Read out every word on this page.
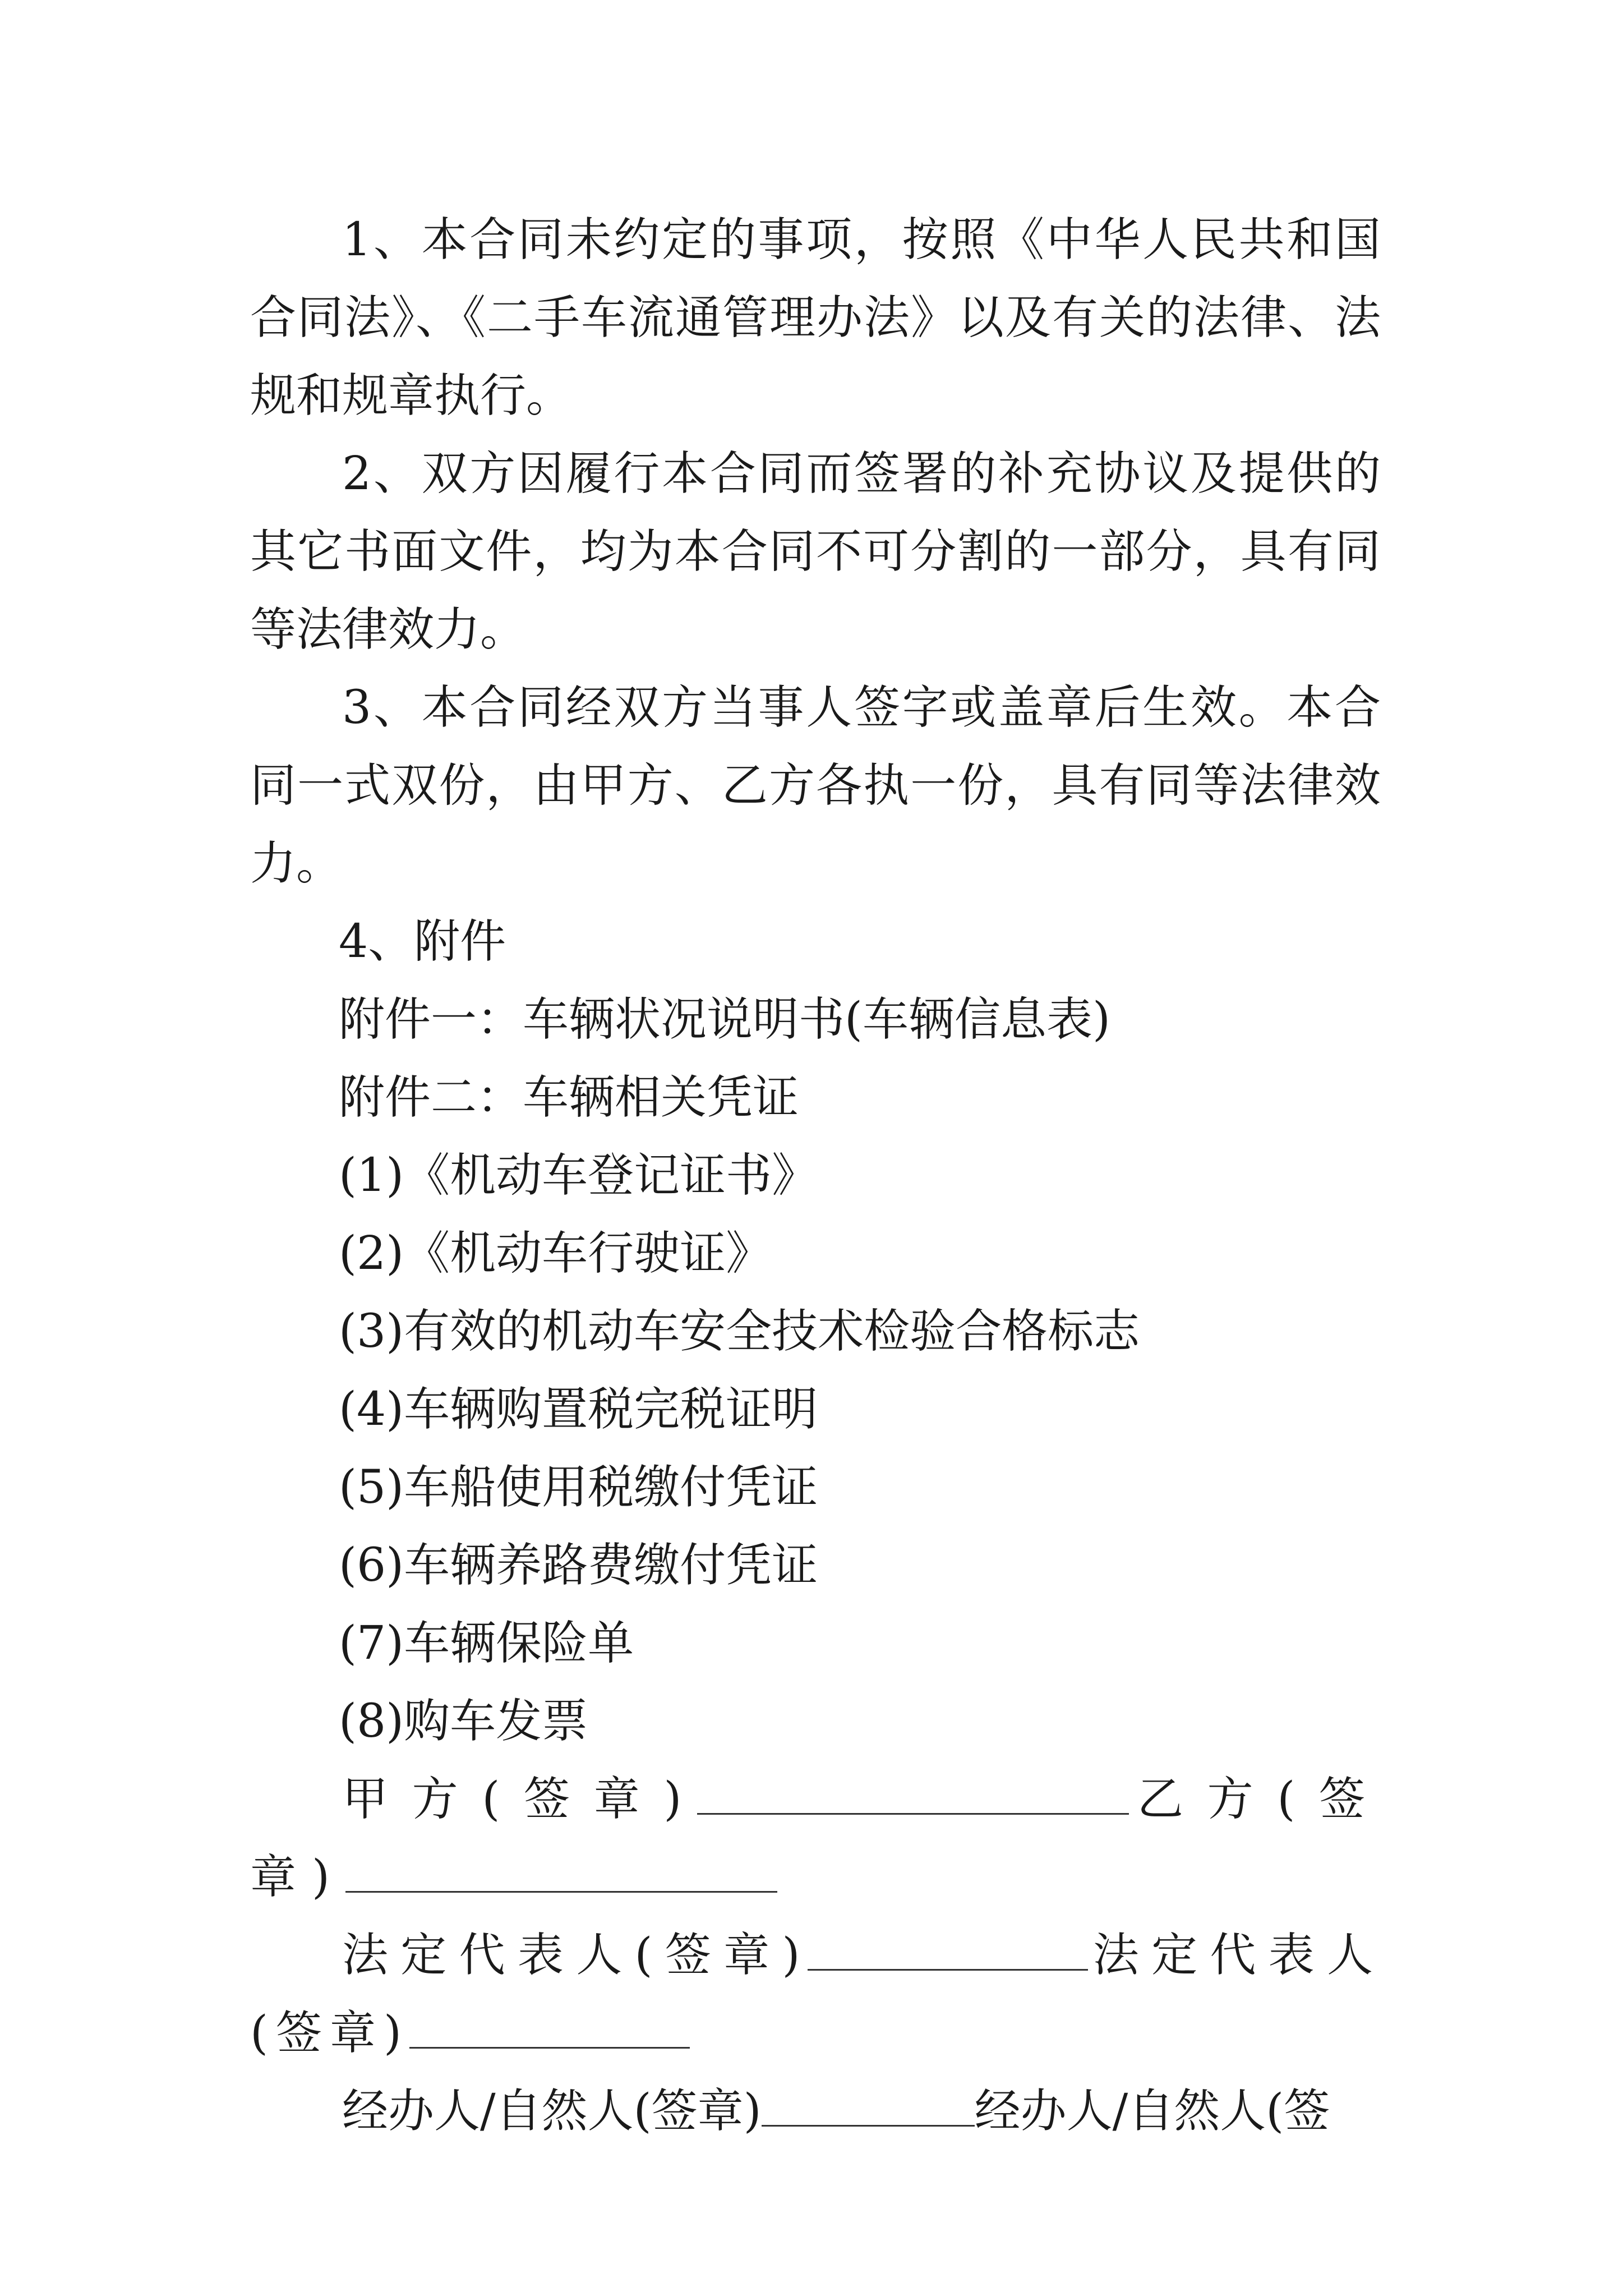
1、本合同未约定的事项，按照《中华人民共和国合同法》、《二手车流通管理办法》以及有关的法律、法规和规章执行。

2、双方因履行本合同而签署的补充协议及提供的其它书面文件，均为本合同不可分割的一部分，具有同等法律效力。

3、本合同经双方当事人签字或盖章后生效。本合同一式双份，由甲方、乙方各执一份，具有同等法律效力。

4、附件

附件一：车辆状况说明书(车辆信息表)

附件二：车辆相关凭证

(1)《机动车登记证书》

(2)《机动车行驶证》

(3)有效的机动车安全技术检验合格标志

(4)车辆购置税完税证明

(5)车船使用税缴付凭证

(6)车辆养路费缴付凭证

(7)车辆保险单

(8)购车发票

甲方(签章)	乙方(签章)

法定代表人(签章)	法定代表人(签章)

经办人/自然人(签章)	经办人/自然人(签
